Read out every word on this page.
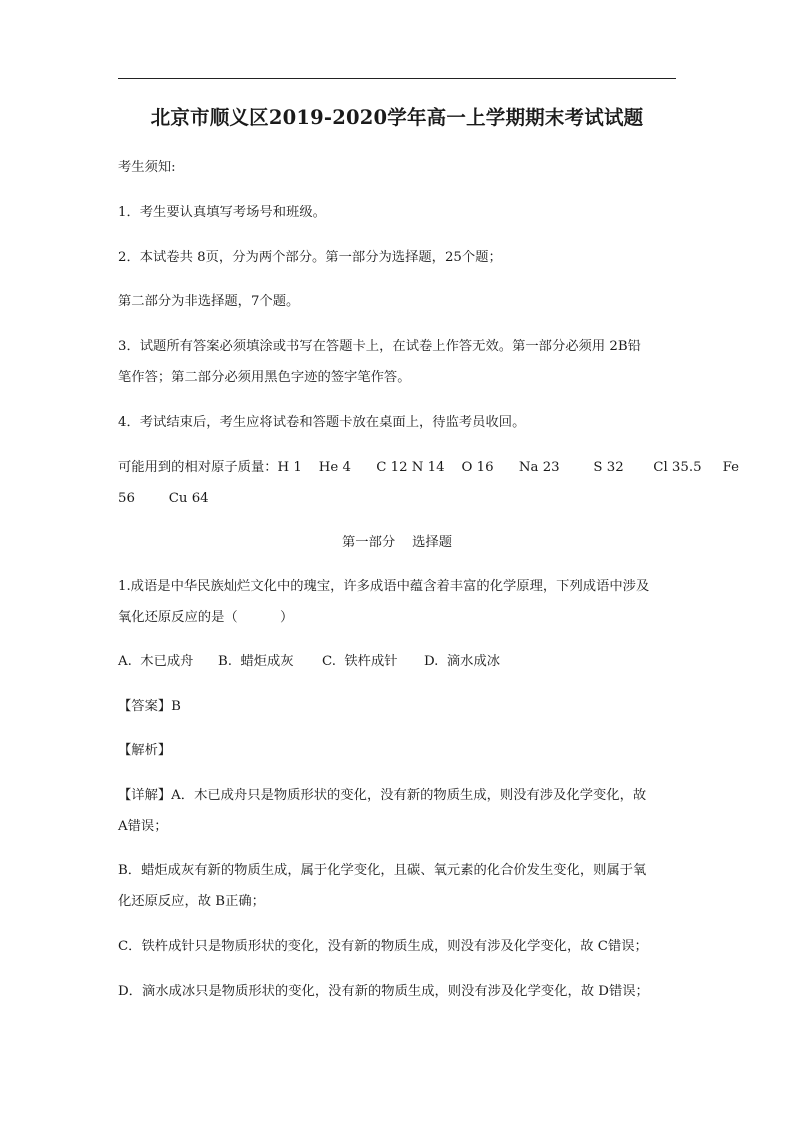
北京市顺义区2019-2020学年高一上学期期末考试试题
考生须知:
1．考生要认真填写考场号和班级。
2．本试卷共 8页，分为两个部分。第一部分为选择题，25个题；
第二部分为非选择题，7个题。
3．试题所有答案必须填涂或书写在答题卡上，在试卷上作答无效。第一部分必须用 2B铅
笔作答；第二部分必须用黑色字迹的签字笔作答。
4．考试结束后，考生应将试卷和答题卡放在桌面上，待监考员收回。
可能用到的相对原子质量：H 1    He 4      C 12 N 14    O 16      Na 23        S 32       Cl 35.5     Fe
56        Cu 64
第一部分    选择题
1.成语是中华民族灿烂文化中的瑰宝，许多成语中蕴含着丰富的化学原理，下列成语中涉及
氧化还原反应的是（          ）
A.  木已成舟 B.  蜡炬成灰 C.  铁杵成针 D.  滴水成冰
【答案】B
【解析】
【详解】A．木已成舟只是物质形状的变化，没有新的物质生成，则没有涉及化学变化，故
A错误；
B．蜡炬成灰有新的物质生成，属于化学变化，且碳、氧元素的化合价发生变化，则属于氧
化还原反应，故 B正确；
C．铁杵成针只是物质形状的变化，没有新的物质生成，则没有涉及化学变化，故 C错误；
D．滴水成冰只是物质形状的变化，没有新的物质生成，则没有涉及化学变化，故 D错误；
